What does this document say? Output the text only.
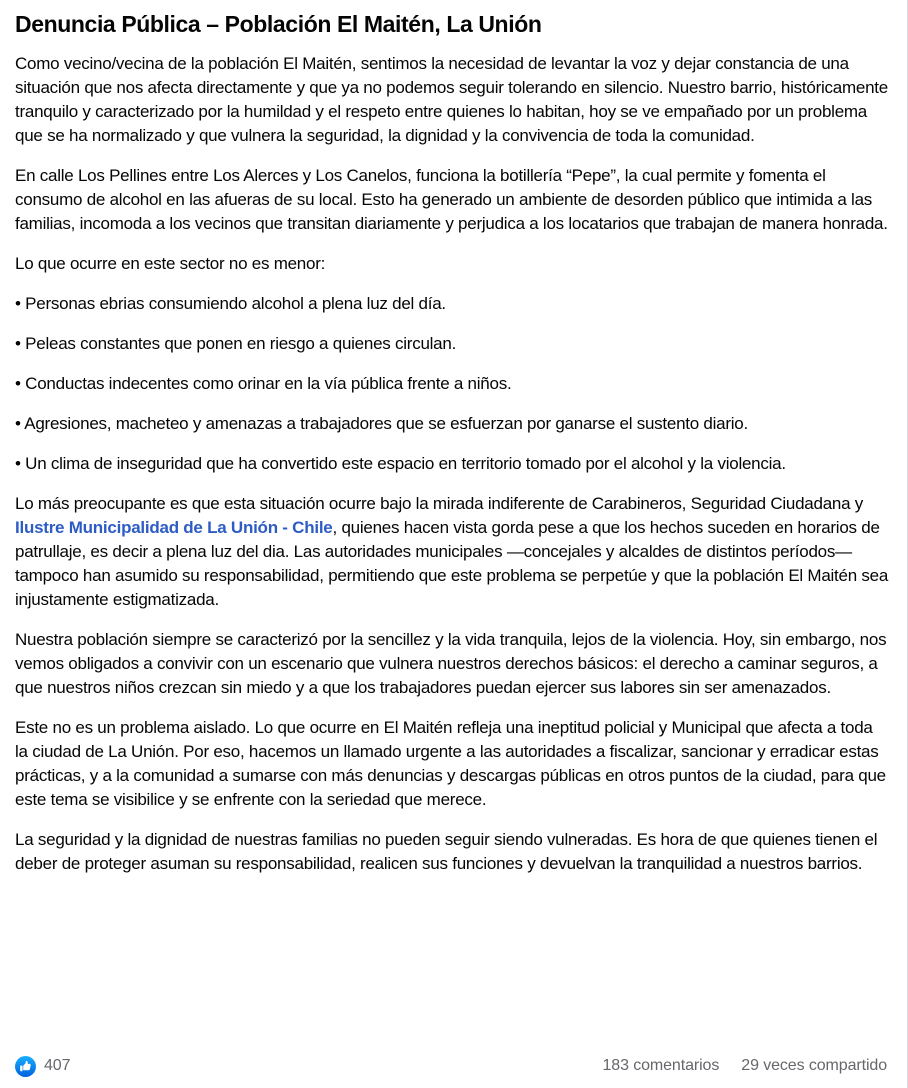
Denuncia Pública – Población El Maitén, La Unión

Como vecino/vecina de la población El Maitén, sentimos la necesidad de levantar la voz y dejar constancia de una situación que nos afecta directamente y que ya no podemos seguir tolerando en silencio. Nuestro barrio, históricamente tranquilo y caracterizado por la humildad y el respeto entre quienes lo habitan, hoy se ve empañado por un problema que se ha normalizado y que vulnera la seguridad, la dignidad y la convivencia de toda la comunidad.

En calle Los Pellines entre Los Alerces y Los Canelos, funciona la botillería “Pepe”, la cual permite y fomenta el consumo de alcohol en las afueras de su local. Esto ha generado un ambiente de desorden público que intimida a las familias, incomoda a los vecinos que transitan diariamente y perjudica a los locatarios que trabajan de manera honrada.

Lo que ocurre en este sector no es menor:

• Personas ebrias consumiendo alcohol a plena luz del día.

• Peleas constantes que ponen en riesgo a quienes circulan.

• Conductas indecentes como orinar en la vía pública frente a niños.

• Agresiones, macheteo y amenazas a trabajadores que se esfuerzan por ganarse el sustento diario.

• Un clima de inseguridad que ha convertido este espacio en territorio tomado por el alcohol y la violencia.

Lo más preocupante es que esta situación ocurre bajo la mirada indiferente de Carabineros, Seguridad Ciudadana y Ilustre Municipalidad de La Unión - Chile, quienes hacen vista gorda pese a que los hechos suceden en horarios de patrullaje, es decir a plena luz del dia. Las autoridades municipales —concejales y alcaldes de distintos períodos— tampoco han asumido su responsabilidad, permitiendo que este problema se perpetúe y que la población El Maitén sea injustamente estigmatizada.

Nuestra población siempre se caracterizó por la sencillez y la vida tranquila, lejos de la violencia. Hoy, sin embargo, nos vemos obligados a convivir con un escenario que vulnera nuestros derechos básicos: el derecho a caminar seguros, a que nuestros niños crezcan sin miedo y a que los trabajadores puedan ejercer sus labores sin ser amenazados.

Este no es un problema aislado. Lo que ocurre en El Maitén refleja una ineptitud policial y Municipal que afecta a toda la ciudad de La Unión. Por eso, hacemos un llamado urgente a las autoridades a fiscalizar, sancionar y erradicar estas prácticas, y a la comunidad a sumarse con más denuncias y descargas públicas en otros puntos de la ciudad, para que este tema se visibilice y se enfrente con la seriedad que merece.

La seguridad y la dignidad de nuestras familias no pueden seguir siendo vulneradas. Es hora de que quienes tienen el deber de proteger asuman su responsabilidad, realicen sus funciones y devuelvan la tranquilidad a nuestros barrios.

407	183 comentarios 29 veces compartido
